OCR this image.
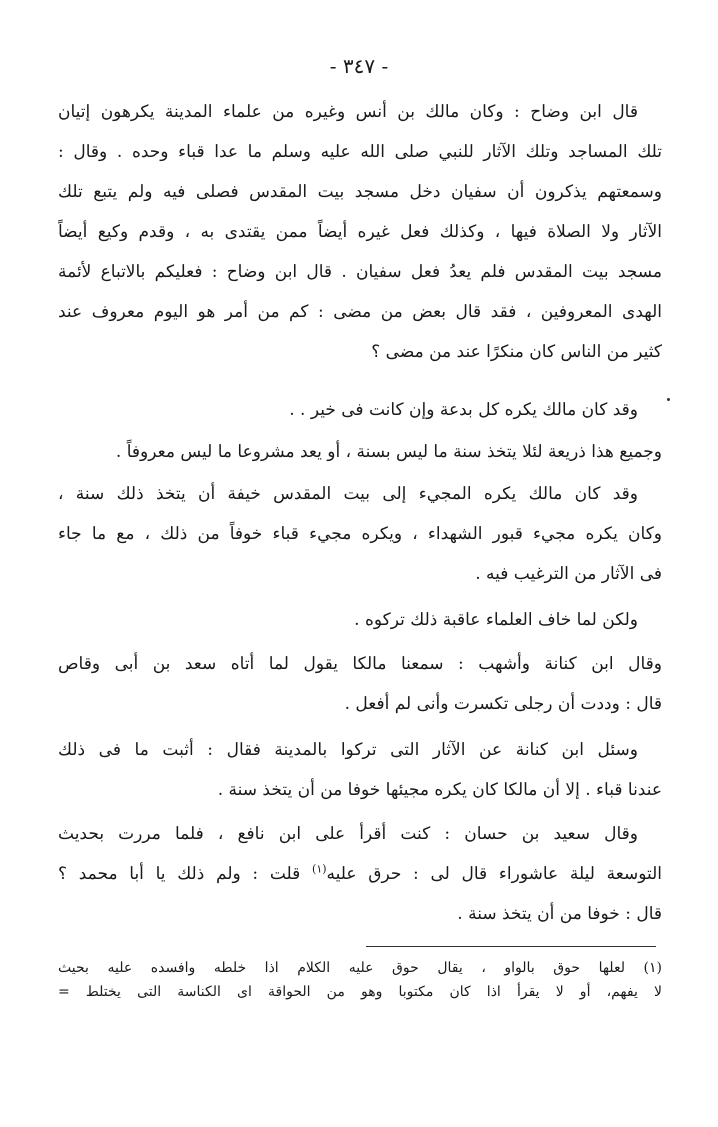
- ٣٤٧ -
قال ابن وضاح : وكان مالك بن أنس وغيره من علماء المدينة يكرهون إتيان
تلك المساجد وتلك الآثار للنبي صلى الله عليه وسلم ما عدا قباء وحده . وقال :
وسمعتهم يذكرون أن سفيان دخل مسجد بيت المقدس فصلى فيه ولم يتبع تلك
الآثار ولا الصلاة فيها ، وكذلك فعل غيره أيضاً ممن يقتدى به ، وقدم وكيع أيضاً
مسجد بيت المقدس فلم يعدُ فعل سفيان . قال ابن وضاح : فعليكم بالاتباع لأئمة
الهدى المعروفين ، فقد قال بعض من مضى : كم من أمر هو اليوم معروف عند
كثير من الناس كان منكرًا عند من مضى ؟
وقد كان مالك يكره كل بدعة وإن كانت فى خير . .
وجميع هذا ذريعة لئلا يتخذ سنة ما ليس بسنة ، أو يعد مشروعا ما ليس معروفاً .
وقد كان مالك يكره المجيء إلى بيت المقدس خيفة أن يتخذ ذلك سنة ،
وكان يكره مجيء قبور الشهداء ، ويكره مجيء قباء خوفاً من ذلك ، مع ما جاء
فى الآثار من الترغيب فيه .
ولكن لما خاف العلماء عاقبة ذلك تركوه .
وقال ابن كنانة وأشهب : سمعنا مالكا يقول لما أتاه سعد بن أبى وقاص
قال : وددت أن رجلى تكسرت وأنى لم أفعل .
وسئل ابن كنانة عن الآثار التى تركوا بالمدينة فقال : أثبت ما فى ذلك
عندنا قباء . إلا أن مالكا كان يكره مجيئها خوفا من أن يتخذ سنة .
وقال سعيد بن حسان : كنت أقرأ على ابن نافع ، فلما مررت بحديث
التوسعة ليلة عاشوراء قال لى : حرق عليه$^{(١)}$ قلت : ولم ذلك يا أبا محمد ؟
قال : خوفا من أن يتخذ سنة .
(١) لعلها حوق بالواو ، يقال حوق عليه الكلام اذا خلطه وافسده عليه بحيث
لا يفهم، أو لا يقرأ اذا كان مكتوبا وهو من الحواقة اى الكناسة التى يختلط =
